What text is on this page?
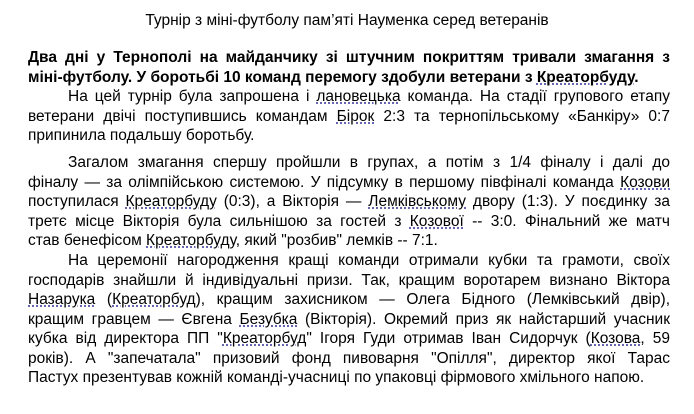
Турнір з міні-футболу пам’яті Науменка серед ветеранів
Два дні у Тернополі на майданчику зі штучним покриттям тривали змагання з
міні-футболу. У боротьбі 10 команд перемогу здобули ветерани з Креаторбуду.
На цей турнір була запрошена і лановецька команда. На стадії групового етапу
ветерани двічі поступившись командам Бірок 2:3 та тернопільському «Банкіру» 0:7
припинила подальшу боротьбу.
Загалом змагання спершу пройшли в групах, а потім з 1/4 фіналу і далі до
фіналу — за олімпійською системою. У підсумку в першому півфіналі команда Козови
поступилася Креаторбуду (0:3), а Вікторія — Лемківському двору (1:3). У поєдинку за
третє місце Вікторія була сильнішою за гостей з Козової -- 3:0. Фінальний же матч
став бенефісом Креаторбуду, який "розбив" лемків -- 7:1.
На церемонії нагородження кращі команди отримали кубки та грамоти, своїх
господарів знайшли й індивідуальні призи. Так, кращим воротарем визнано Віктора
Назарука (Креаторбуд), кращим захисником — Олега Бідного (Лемківський двір),
кращим гравцем — Євгена Безубка (Вікторія). Окремий приз як найстарший учасник
кубка від директора ПП "Креаторбуд" Ігоря Гуди отримав Іван Сидорчук (Козова, 59
років). А "запечатала" призовий фонд пивоварня "Опілля", директор якої Тарас
Пастух презентував кожній команді-учасниці по упаковці фірмового хмільного напою.
